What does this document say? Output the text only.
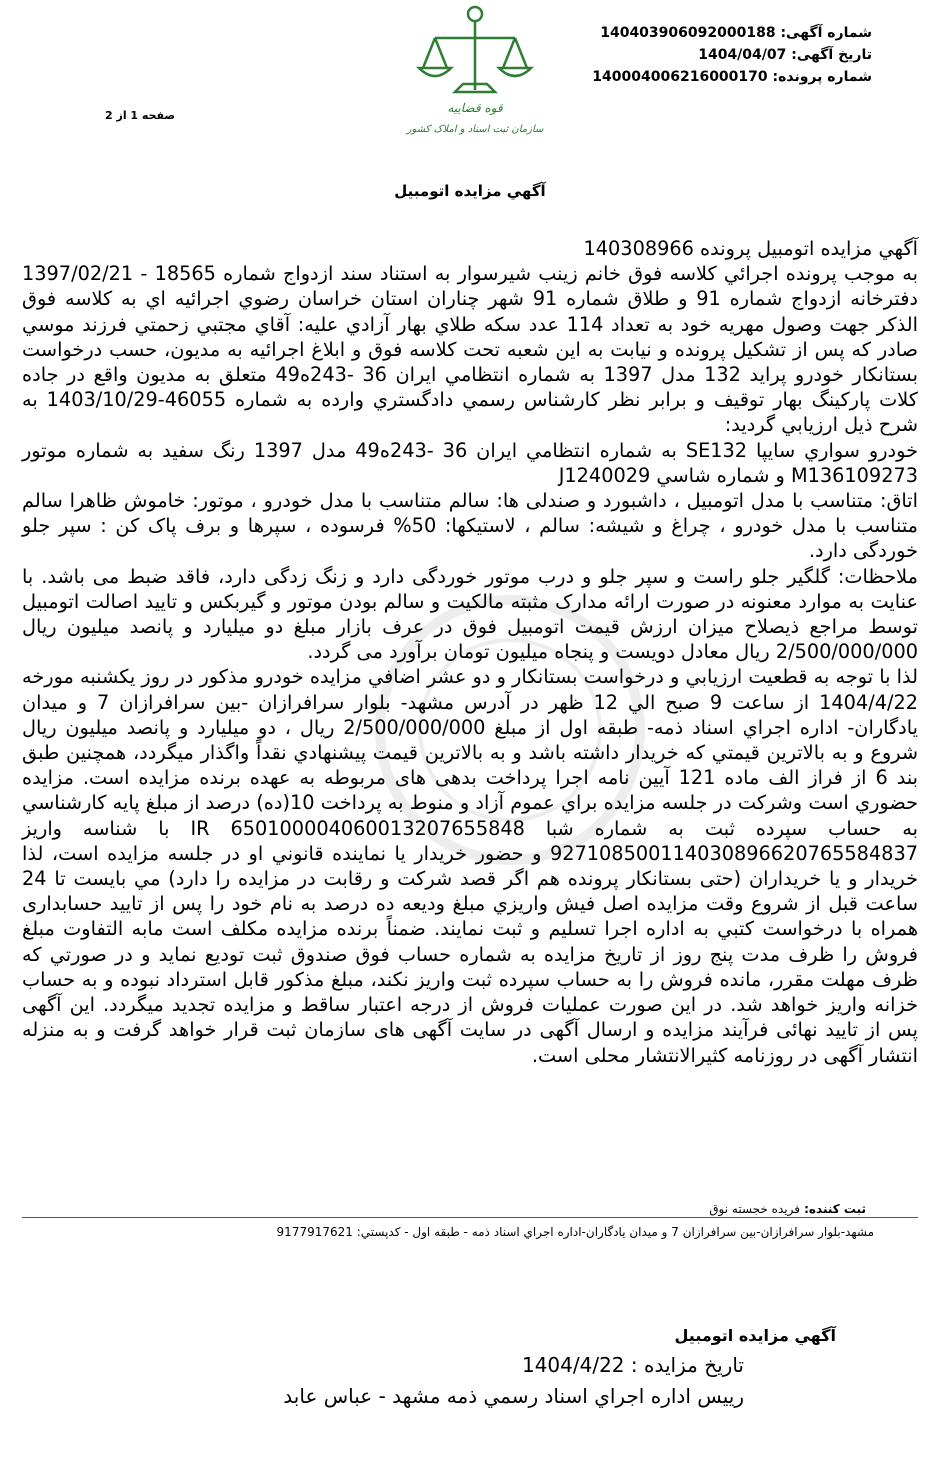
شماره آگهی: 14040390609200018‌8
تاریخ آگهی: 1404/04/07
شماره پرونده: 14000400621600017‌0
صفحه 1 از 2
قوه قضاییه
سازمان ثبت اسناد و املاک کشور
آگهي مزايده اتومبيل

آگهي مزايده اتومبيل پرونده 140308966

به موجب پرونده اجرائي كلاسه فوق خانم زينب شيرسوار به استناد سند ازدواج شماره 18565 - 1397/02/21 دفترخانه ازدواج شماره 91 و طلاق شماره 91 شهر چناران استان خراسان رضوي اجرائيه اي به كلاسه فوق الذكر جهت وصول مهريه خود به تعداد 114 عدد سكه طلاي بهار آزادي عليه: آقاي مجتبي زحمتي فرزند موسي صادر كه پس از تشكيل پرونده و نيابت به اين شعبه تحت كلاسه فوق و ابلاغ اجرائيه به مديون، حسب درخواست بستانكار خودرو پرايد 132 مدل 1397 به شماره انتظامي ايران 36 -243ه49 متعلق به مديون واقع در جاده كلات پاركينگ بهار توقيف و برابر نظر كارشناس رسمي دادگستري وارده به شماره 46055-1403/10/29 به شرح ذيل ارزيابي گرديد:

خودرو سواري سايپا SE132 به شماره انتظامي ايران 36 -243ه49 مدل 1397 رنگ سفيد به شماره موتور M136109273 و شماره شاسي J1240029

اتاق: متناسب با مدل اتومبیل ، داشبورد و صندلی ها: سالم متناسب با مدل خودرو ، موتور: خاموش ظاهرا سالم متناسب با مدل خودرو ، چراغ و شیشه: سالم ، لاستیکها: 50% فرسوده ، سپرها و برف پاک کن : سپر جلو خوردگی دارد.

ملاحظات: گلگیر جلو راست و سپر جلو و درب موتور خوردگی دارد و زنگ زدگی دارد، فاقد ضبط می باشد. با عنایت به موارد معنونه در صورت ارائه مدارک مثبته مالکیت و سالم بودن موتور و گیربکس و تایید اصالت اتومبیل توسط مراجع ذیصلاح میزان ارزش قیمت اتومبیل فوق در عرف بازار مبلغ دو میلیارد و پانصد میلیون ریال 2/500/000/000 ریال معادل دویست و پنجاه میلیون تومان برآورد می گردد.

لذا با توجه به قطعيت ارزيابي و درخواست بستانكار و دو عشر اضافي مزايده خودرو مذكور در روز يكشنبه مورخه 1404/4/22 از ساعت 9 صبح الي 12 ظهر در آدرس مشهد- بلوار سرافرازان -بين سرافرازان 7 و ميدان يادگاران- اداره اجراي اسناد ذمه- طبقه اول از مبلغ 2/500/000/000 ريال ، دو ميليارد و پانصد ميليون ريال شروع و به بالاترين قيمتي كه خريدار داشته باشد و به بالاترين قيمت پيشنهادي نقداً واگذار ميگردد، همچنين طبق بند 6 از فراز الف ماده 121 آيين نامه اجرا پرداخت بدهی های مربوطه به عهده برنده مزايده است. مزايده حضوري است وشركت در جلسه مزايده براي عموم آزاد و منوط به پرداخت 10(ده) درصد از مبلغ پايه كارشناسي به حساب سپرده ثبت به شماره شبا IR 650100004060013207655848 با شناسه واريز 927108500114030896620765584837 و حضور خريدار يا نماينده قانوني او در جلسه مزايده است، لذا خريدار و يا خريداران (حتی بستانكار پرونده هم اگر قصد شركت و رقابت در مزايده را دارد) مي بايست تا 24 ساعت قبل از شروع وقت مزايده اصل فيش واريزي مبلغ وديعه ده درصد به نام خود را پس از تاييد حسابداری همراه با درخواست كتبي به اداره اجرا تسليم و ثبت نمايند. ضمناً برنده مزايده مكلف است مابه التفاوت مبلغ فروش را ظرف مدت پنج روز از تاريخ مزايده به شماره حساب فوق صندوق ثبت توديع نمايد و در صورتي كه ظرف مهلت مقرر، مانده فروش را به حساب سپرده ثبت واريز نكند، مبلغ مذكور قابل استرداد نبوده و به حساب خزانه واريز خواهد شد. در اين صورت عمليات فروش از درجه اعتبار ساقط و مزايده تجديد ميگردد. اين آگهی پس از تایید نهائی فرآیند مزایده و ارسال آگهی در سایت آگهی های سازمان ثبت قرار خواهد گرفت و به منزله انتشار آگهی در روزنامه کثیرالانتشار محلی است.

ثبت كننده: فريده خجسته نوق
مشهد-بلوار سرافرازان-بين سرافرازان 7 و ميدان يادگاران-اداره اجراي اسناد ذمه - طبقه اول - كدپستي: 9177917621
آگهي مزايده اتومبيل
تاريخ مزايده : 1404/4/22
ريیس اداره اجراي اسناد رسمي ذمه مشهد - عباس عابد
